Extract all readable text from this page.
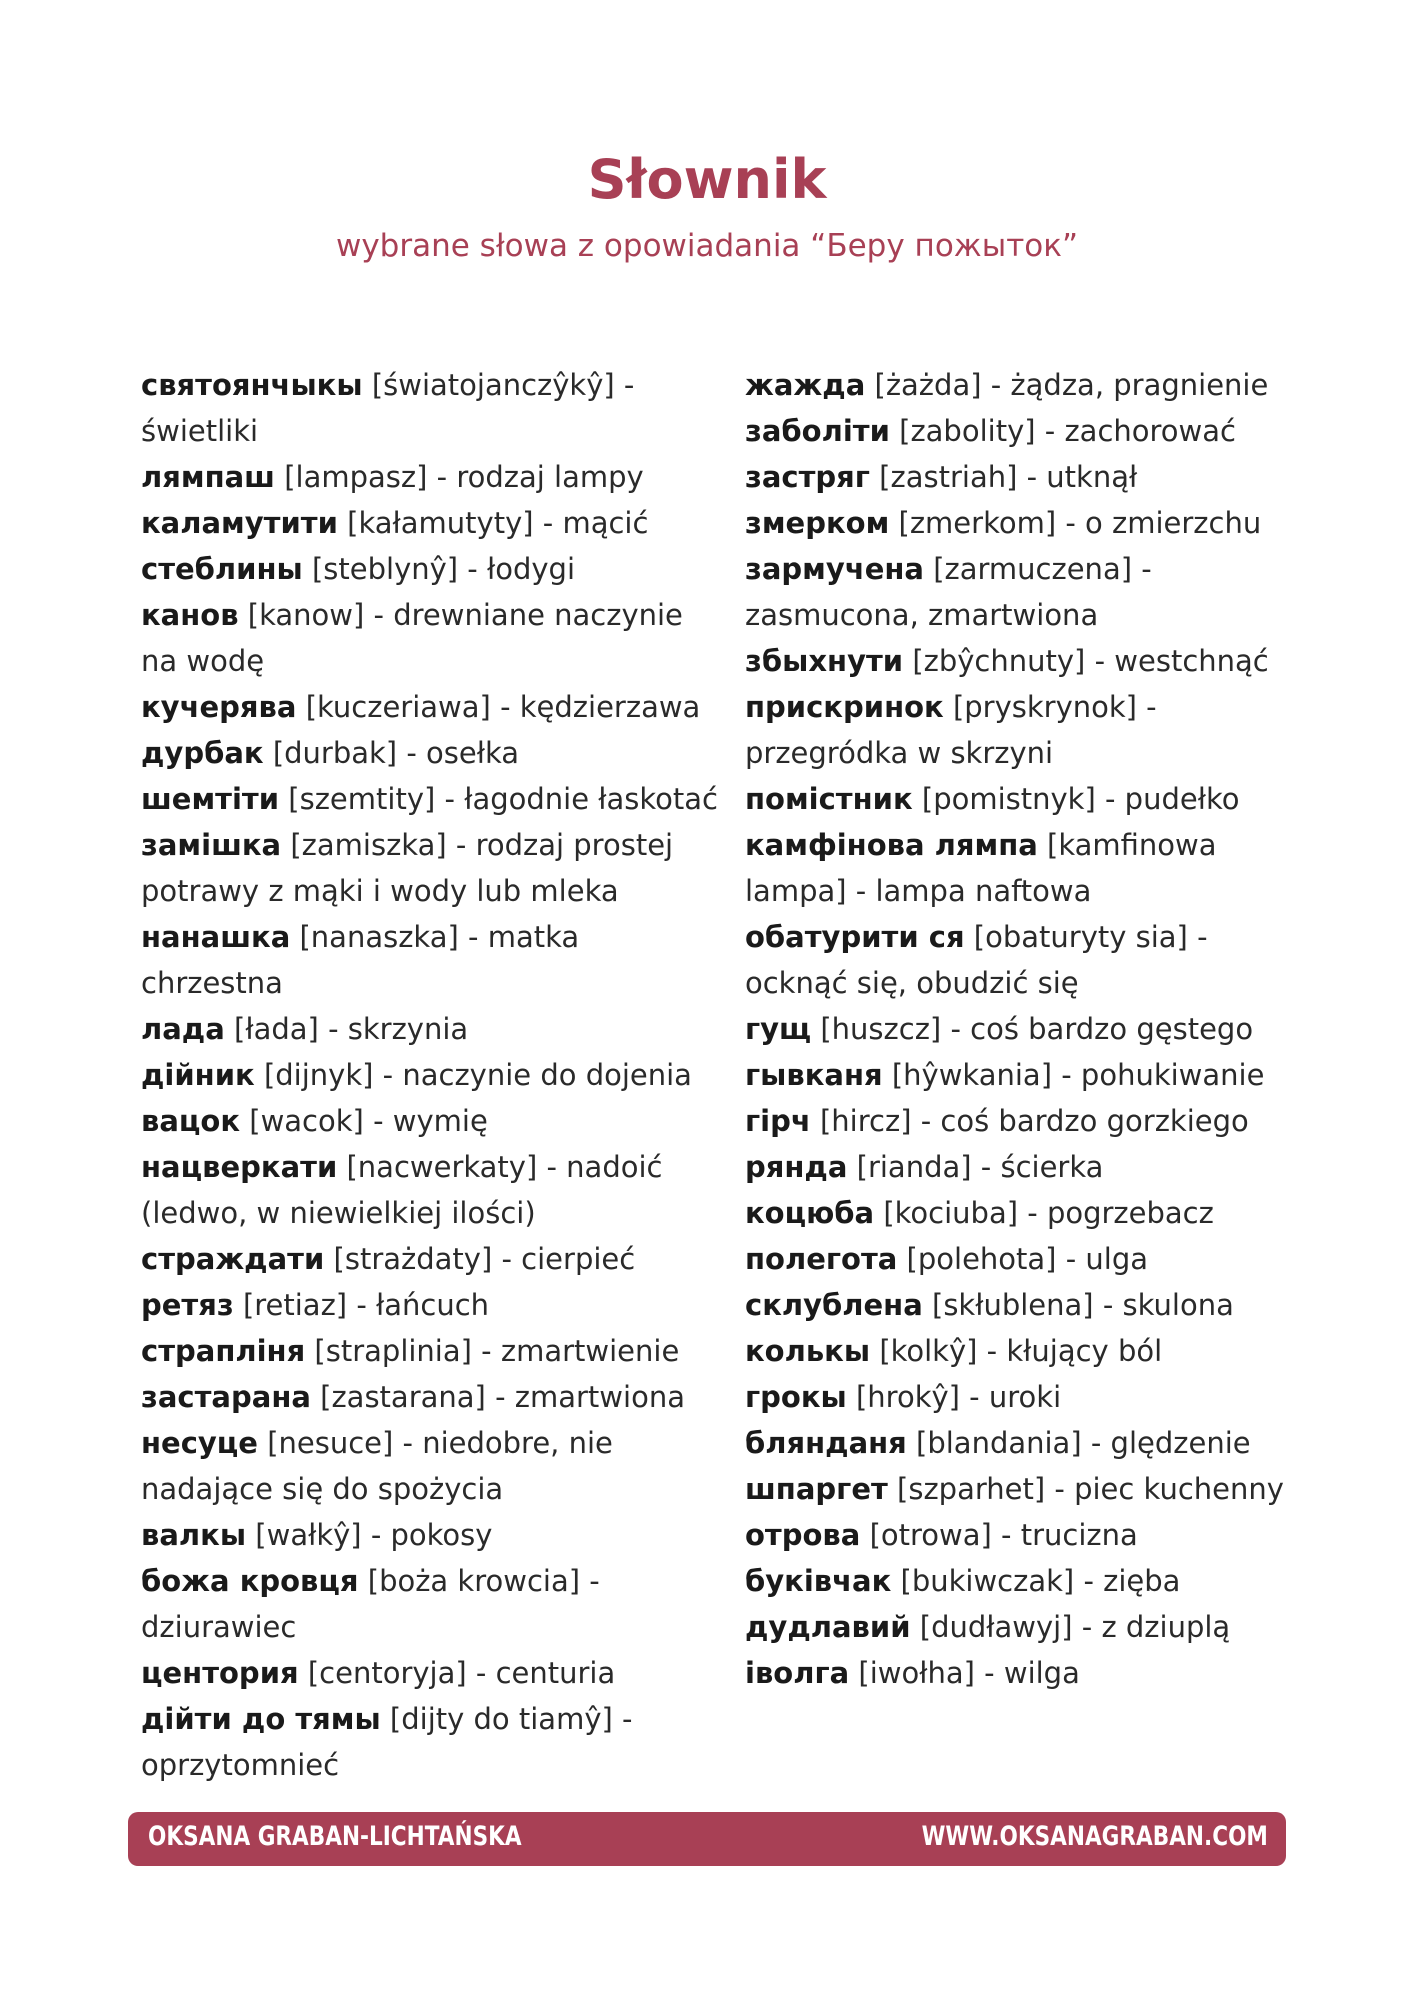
Słownik
wybrane słowa z opowiadania “Беру пожыток”

святоянчыкы [światojanczŷkŷ] - świetliki

лямпаш [lampasz] - rodzaj lampy

каламутити [kałamutyty] - mącić

стеблины [steblynŷ] - łodygi

канов [kanow] - drewniane naczynie na wodę

кучерява [kuczeriawa] - kędzierzawa

дурбак [durbak] - osełka

шемтіти [szemtity] - łagodnie łaskotać

замішка [zamiszka] - rodzaj prostej potrawy z mąki i wody lub mleka

нанашка [nanaszka] - matka chrzestna

лада [łada] - skrzynia

дійник [dijnyk] - naczynie do dojenia

вацок [wacok] - wymię

нацверкати [nacwerkaty] - nadoić (ledwo, w niewielkiej ilości)

страждати [strażdaty] - cierpieć

ретяз [retiaz] - łańcuch

страпліня [straplinia] - zmartwienie

застарана [zastarana] - zmartwiona

несуце [nesuce] - niedobre, nie nadające się do spożycia

валкы [wałkŷ] - pokosy

божа кровця [boża krowcia] - dziurawiec

центория [centoryja] - centuria

дійти до тямы [dijty do tiamŷ] - oprzytomnieć

жажда [żażda] - żądza, pragnienie

заболіти [zabolity] - zachorować

застряг [zastriah] - utknął

змерком [zmerkom] - o zmierzchu

зармучена [zarmuczena] - zasmucona, zmartwiona

збыхнути [zbŷchnuty] - westchnąć

прискринок [pryskrynok] - przegródka w skrzyni

помістник [pomistnyk] - pudełko

камфінова лямпа [kamfinowa lampa] - lampa naftowa

обатурити ся [obaturyty sia] - ocknąć się, obudzić się

гущ [huszcz] - coś bardzo gęstego

гывканя [hŷwkania] - pohukiwanie

гірч [hircz] - coś bardzo gorzkiego

рянда [rianda] - ścierka

коцюба [kociuba] - pogrzebacz

полегота [polehota] - ulga

склублена [skłublena] - skulona

колькы [kolkŷ] - kłujący ból

грокы [hrokŷ] - uroki

блянданя [blandania] - ględzenie

шпаргет [szparhet] - piec kuchenny

отрова [otrowa] - trucizna

буківчак [bukiwczak] - zięba

дудлавий [dudławyj] - z dziuplą

іволга [iwołha] - wilga

OKSANA GRABAN-LICHTAŃSKA	WWW.OKSANAGRABAN.COM
